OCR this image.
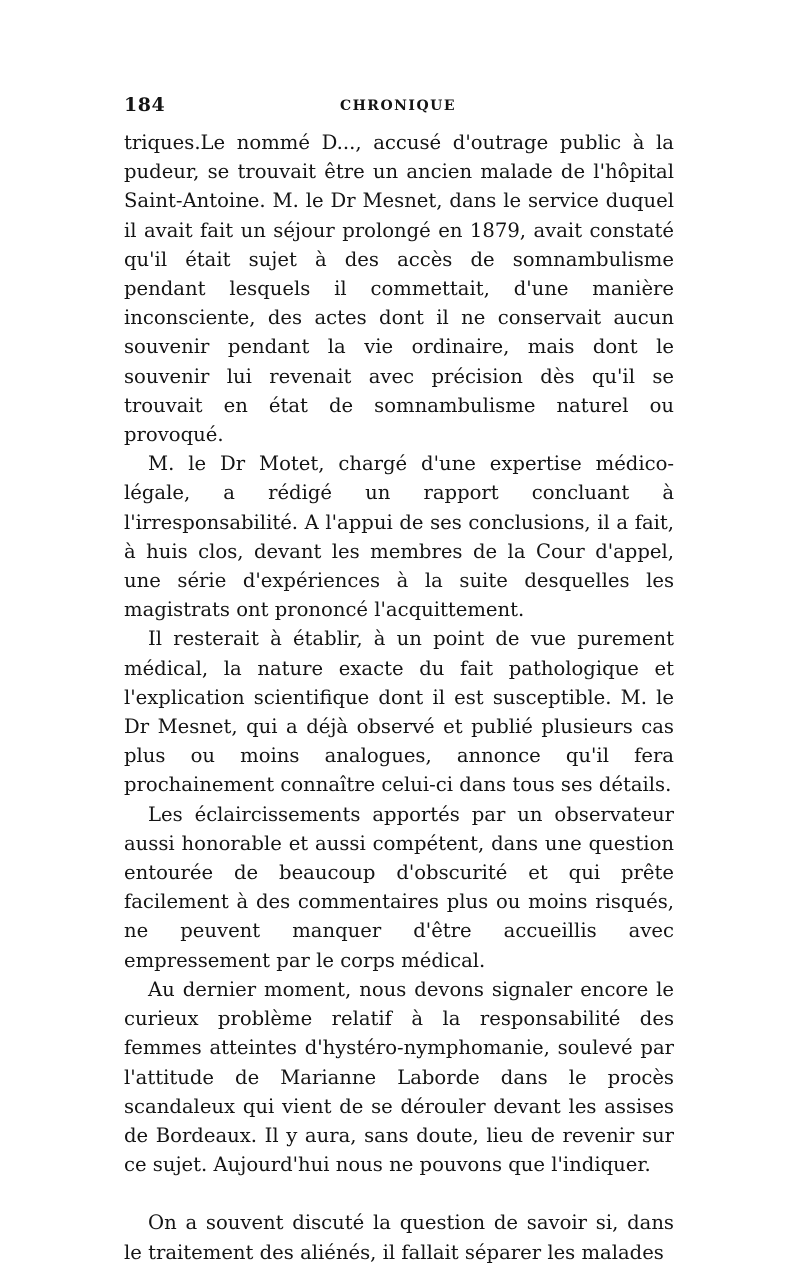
184	CHRONIQUE

triques.Le nommé D..., accusé d'outrage public à la pudeur, se trouvait être un ancien malade de l'hôpital Saint-Antoine. M. le Dr Mesnet, dans le service duquel il avait fait un séjour prolongé en 1879, avait constaté qu'il était sujet à des accès de somnambulisme pendant lesquels il commettait, d'une manière inconsciente, des actes dont il ne conservait aucun souvenir pendant la vie ordinaire, mais dont le souvenir lui revenait avec précision dès qu'il se trouvait en état de somnambulisme naturel ou provoqué.

M. le Dr Motet, chargé d'une expertise médico-légale, a rédigé un rapport concluant à l'irresponsabilité. A l'appui de ses conclusions, il a fait, à huis clos, devant les membres de la Cour d'appel, une série d'expériences à la suite desquelles les magistrats ont prononcé l'acquittement.

Il resterait à établir, à un point de vue purement médical, la nature exacte du fait pathologique et l'explication scientifique dont il est susceptible. M. le Dr Mesnet, qui a déjà observé et publié plusieurs cas plus ou moins analogues, annonce qu'il fera prochainement connaître celui-ci dans tous ses détails.

Les éclaircissements apportés par un observateur aussi honorable et aussi compétent, dans une question entourée de beaucoup d'obscurité et qui prête facilement à des commentaires plus ou moins risqués, ne peuvent manquer d'être accueillis avec empressement par le corps médical.

Au dernier moment, nous devons signaler encore le curieux problème relatif à la responsabilité des femmes atteintes d'hystéro-nymphomanie, soulevé par l'attitude de Marianne Laborde dans le procès scandaleux qui vient de se dérouler devant les assises de Bordeaux. Il y aura, sans doute, lieu de revenir sur ce sujet. Aujourd'hui nous ne pouvons que l'indiquer.

On a souvent discuté la question de savoir si, dans le traitement des aliénés, il fallait séparer les malades
